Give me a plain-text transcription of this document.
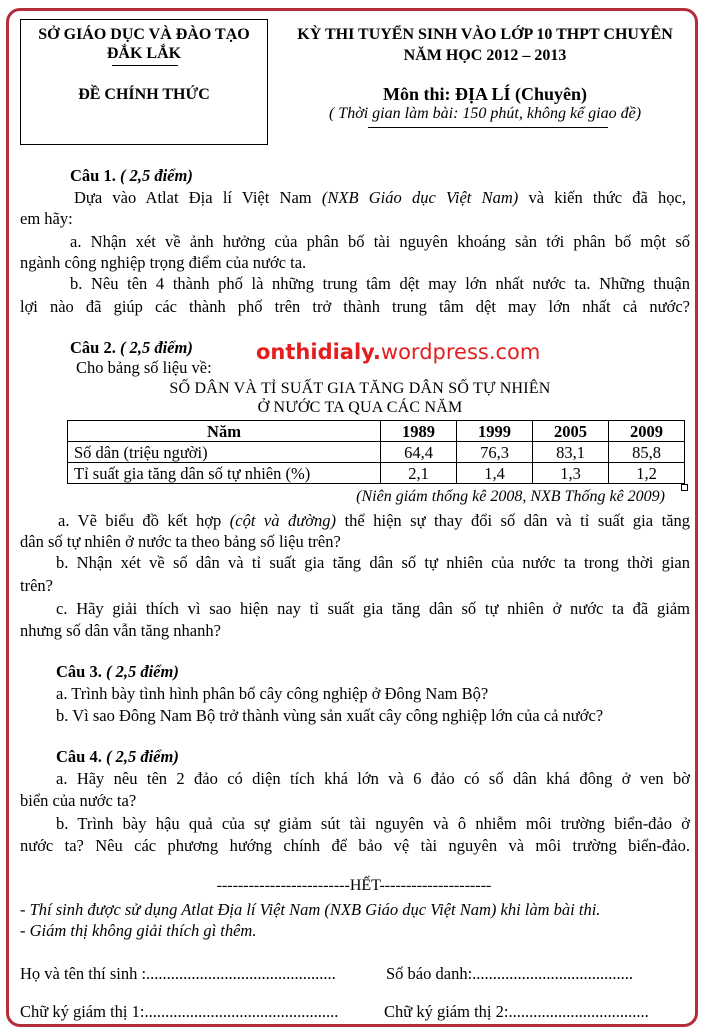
SỞ GIÁO DỤC VÀ ĐÀO TẠO
ĐẮK LẮK
ĐỀ CHÍNH THỨC
KỲ THI TUYỂN SINH VÀO LỚP 10 THPT CHUYÊN
NĂM HỌC 2012 – 2013
Môn thi: ĐỊA LÍ (Chuyên)
( Thời gian làm bài: 150 phút, không kể giao đề)
Câu 1. ( 2,5 điểm)
Dựa vào Atlat Địa lí Việt Nam (NXB Giáo dục Việt Nam) và kiến thức đã học,
em hãy:
a. Nhận xét về ảnh hưởng của phân bố tài nguyên khoáng sản tới phân bố một số
ngành công nghiệp trọng điểm của nước ta.
b. Nêu tên 4 thành phố là những trung tâm dệt may lớn nhất nước ta. Những thuận
lợi nào đã giúp các thành phố trên trở thành trung tâm dệt may lớn nhất cả nước?
Câu 2. ( 2,5 điểm)	onthidialy.wordpress.com
Cho bảng số liệu về:
SỐ DÂN VÀ TỈ SUẤT GIA TĂNG DÂN SỐ TỰ NHIÊN
Ở NƯỚC TA QUA CÁC NĂM
Năm	1989	1999	2005	2009
Số dân (triệu người)	64,4	76,3	83,1	85,8
Tỉ suất gia tăng dân số tự nhiên (%)	2,1	1,4	1,3	1,2
(Niên giám thống kê 2008, NXB Thống kê 2009)
a. Vẽ biểu đồ kết hợp (cột và đường) thể hiện sự thay đổi số dân và tỉ suất gia tăng
dân số tự nhiên ở nước ta theo bảng số liệu trên?
b. Nhận xét về số dân và tỉ suất gia tăng dân số tự nhiên của nước ta trong thời gian
trên?
c. Hãy giải thích vì sao hiện nay tỉ suất gia tăng dân số tự nhiên ở nước ta đã giảm
nhưng số dân vẫn tăng nhanh?
Câu 3. ( 2,5 điểm)
a. Trình bày tình hình phân bố cây công nghiệp ở Đông Nam Bộ?
b. Vì sao Đông Nam Bộ trở thành vùng sản xuất cây công nghiệp lớn của cả nước?
Câu 4. ( 2,5 điểm)
a. Hãy nêu tên 2 đảo có diện tích khá lớn và 6 đảo có số dân khá đông ở ven bờ
biển của nước ta?
b. Trình bày hậu quả của sự giảm sút tài nguyên và ô nhiễm môi trường biển-đảo ở
nước ta? Nêu các phương hướng chính để bảo vệ tài nguyên và môi trường biển-đảo.
-------------------------HẾT---------------------
- Thí sinh được sử dụng Atlat Địa lí Việt Nam (NXB Giáo dục Việt Nam) khi làm bài thi.
- Giám thị không giải thích gì thêm.
Họ và tên thí sinh :..............................................	Số báo danh:.......................................
Chữ ký giám thị 1:...............................................	Chữ ký giám thị 2:..................................
